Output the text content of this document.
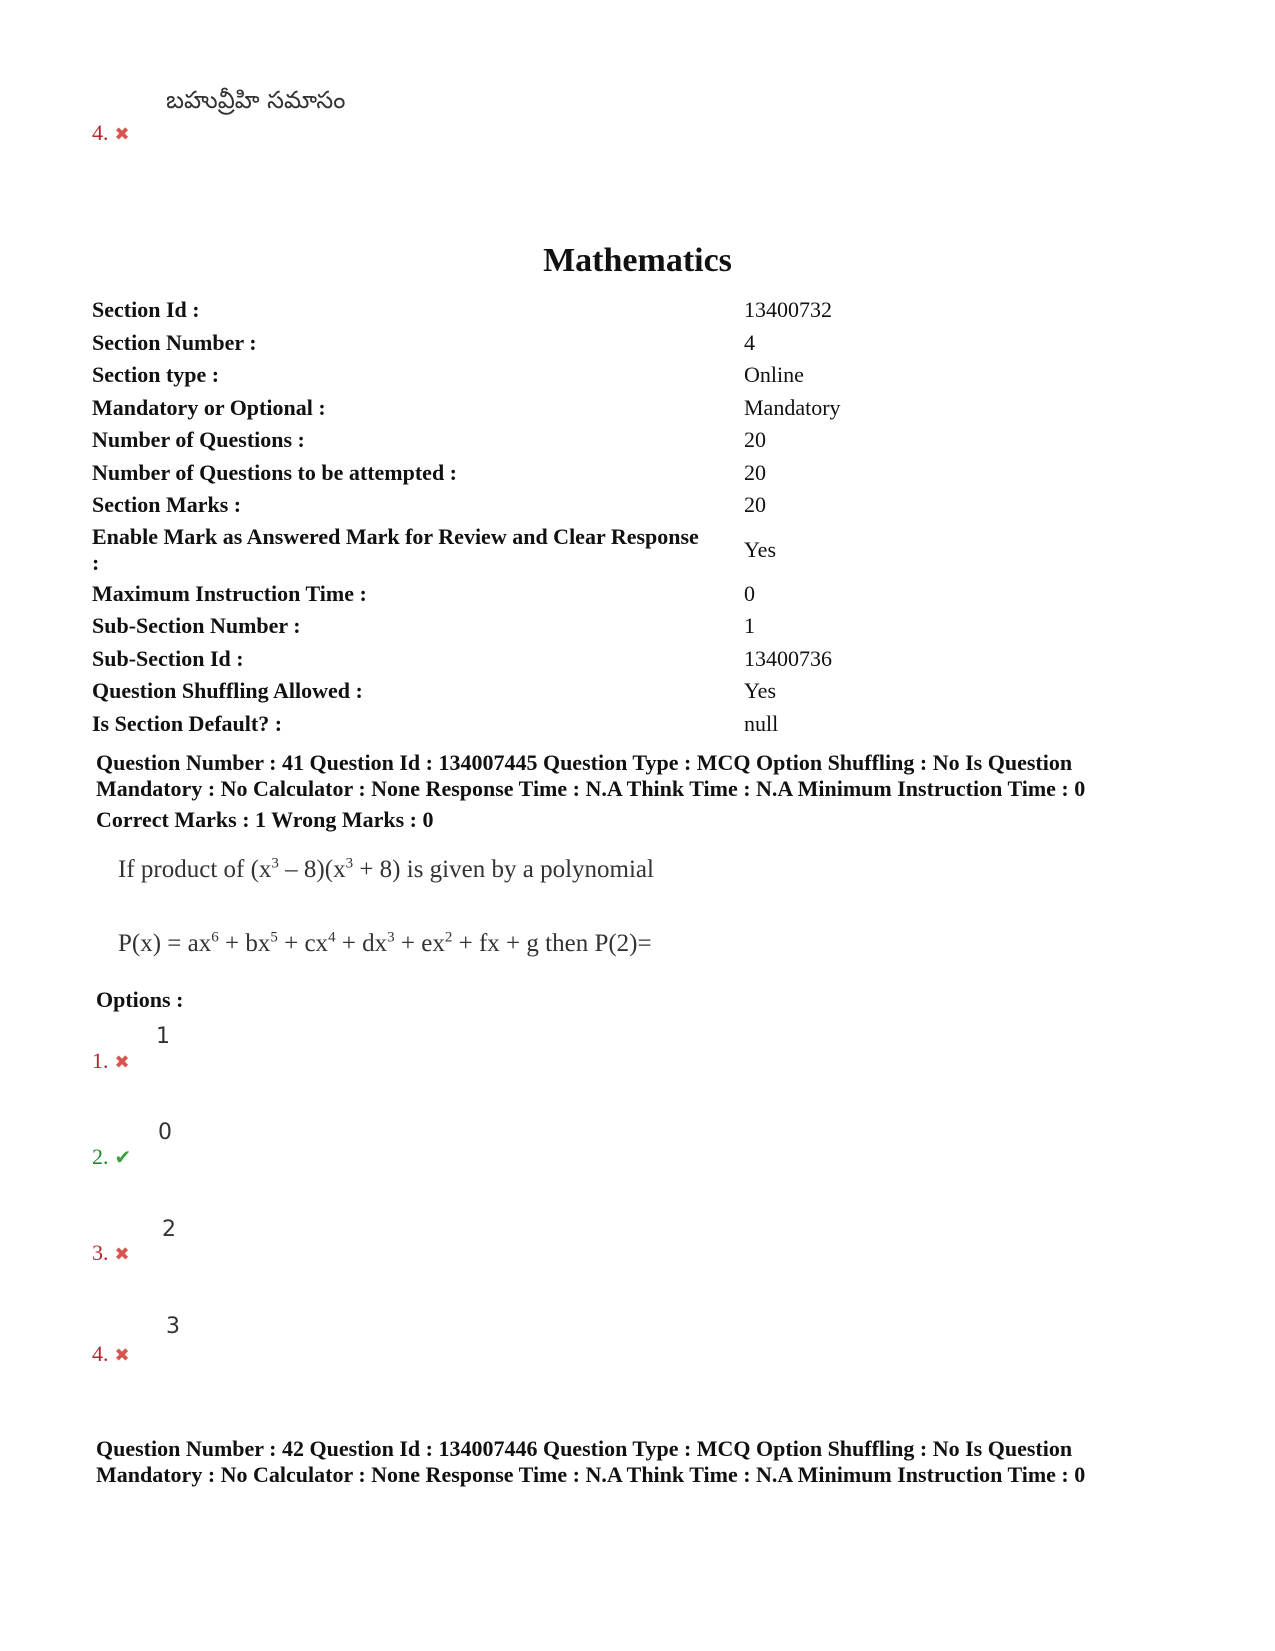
బహువ్రీహి సమాసం
4. ✖
Mathematics
Section Id :	13400732
Section Number :	4
Section type :	Online
Mandatory or Optional :	Mandatory
Number of Questions :	20
Number of Questions to be attempted :	20
Section Marks :	20
Enable Mark as Answered Mark for Review and Clear Response :	Yes
Maximum Instruction Time :	0
Sub-Section Number :	1
Sub-Section Id :	13400736
Question Shuffling Allowed :	Yes
Is Section Default? :	null
Question Number : 41 Question Id : 134007445 Question Type : MCQ Option Shuffling : No Is Question
Mandatory : No Calculator : None Response Time : N.A Think Time : N.A Minimum Instruction Time : 0
Correct Marks : 1 Wrong Marks : 0
If product of $(x^3 - 8)(x^3 + 8)$ is given by a polynomial
$P(x) = ax^6 + bx^5 + cx^4 + dx^3 + ex^2$ + fx + g then P(2)=
Options :
1
1. ✖
0
2. ✔
2
3. ✖
3
4. ✖
Question Number : 42 Question Id : 134007446 Question Type : MCQ Option Shuffling : No Is Question
Mandatory : No Calculator : None Response Time : N.A Think Time : N.A Minimum Instruction Time : 0
